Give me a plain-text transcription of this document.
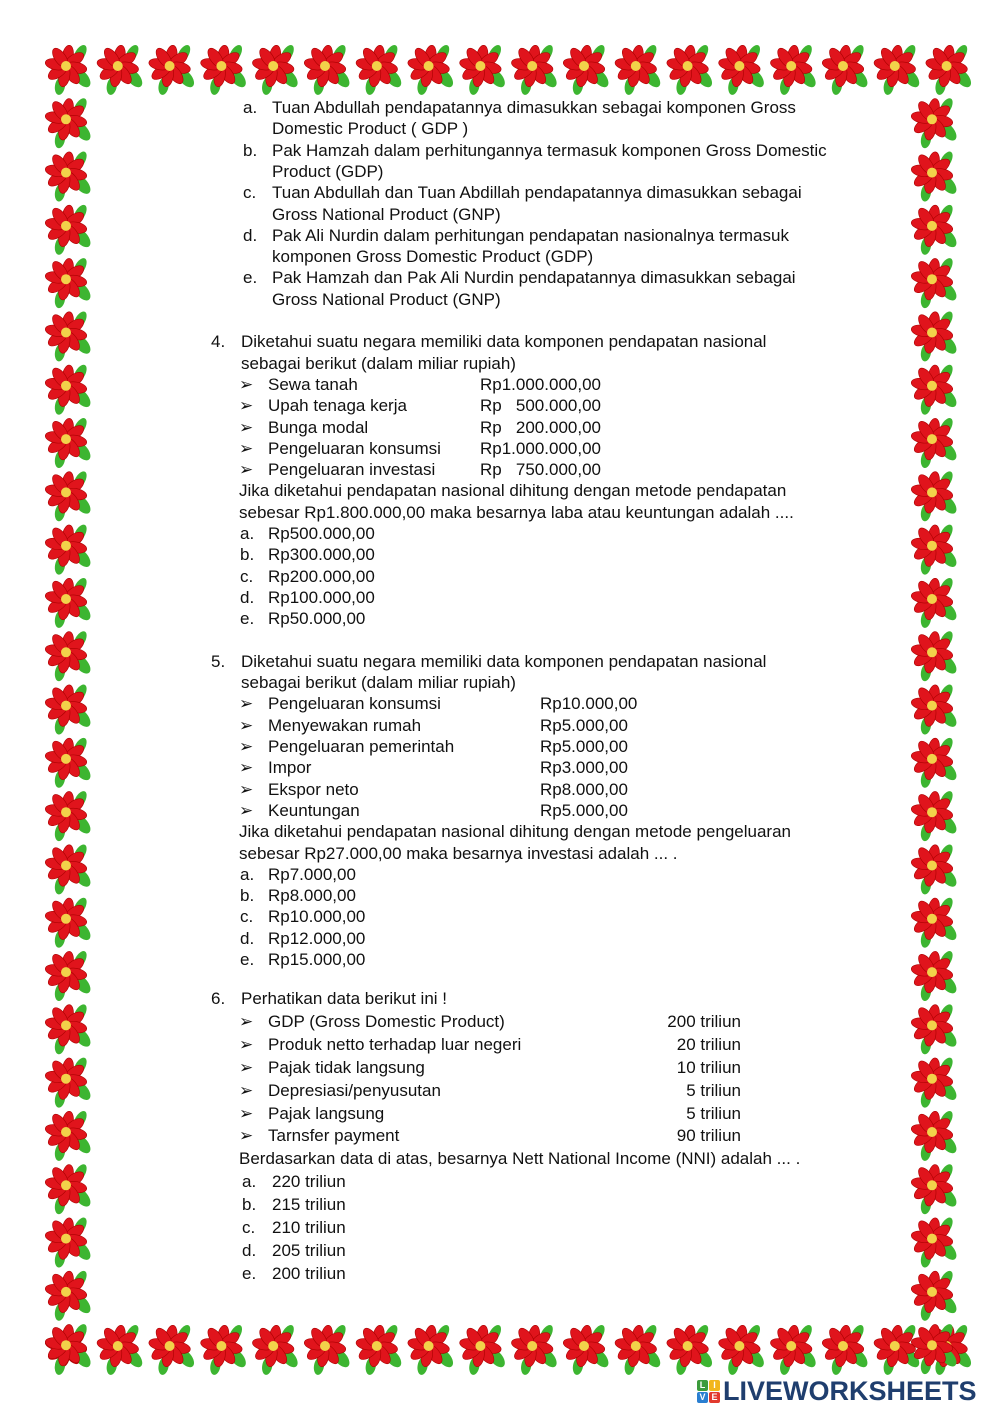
a. Tuan Abdullah pendapatannya dimasukkan sebagai komponen Gross
Domestic Product ( GDP )
b. Pak Hamzah dalam perhitungannya termasuk komponen Gross Domestic
Product (GDP)
c. Tuan Abdullah dan Tuan Abdillah pendapatannya dimasukkan sebagai
Gross National Product (GNP)
d. Pak Ali Nurdin dalam perhitungan pendapatan nasionalnya termasuk
komponen Gross Domestic Product (GDP)
e. Pak Hamzah dan Pak Ali Nurdin pendapatannya dimasukkan sebagai
Gross National Product (GNP)
4. Diketahui suatu negara memiliki data komponen pendapatan nasional
sebagai berikut (dalam miliar rupiah)
➢ Sewa tanah	Rp1.000.000,00
➢ Upah tenaga kerja	Rp   500.000,00
➢ Bunga modal	Rp   200.000,00
➢ Pengeluaran konsumsi Rp1.000.000,00
➢ Pengeluaran investasi	Rp   750.000,00
Jika diketahui pendapatan nasional dihitung dengan metode pendapatan
sebesar Rp1.800.000,00 maka besarnya laba atau keuntungan adalah ....
a. Rp500.000,00
b. Rp300.000,00
c. Rp200.000,00
d. Rp100.000,00
e. Rp50.000,00
5. Diketahui suatu negara memiliki data komponen pendapatan nasional
sebagai berikut (dalam miliar rupiah)
➢ Pengeluaran konsumsi	Rp10.000,00
➢ Menyewakan rumah	Rp5.000,00
➢ Pengeluaran pemerintah	Rp5.000,00
➢ Impor	Rp3.000,00
➢ Ekspor neto	Rp8.000,00
➢ Keuntungan	Rp5.000,00
Jika diketahui pendapatan nasional dihitung dengan metode pengeluaran
sebesar Rp27.000,00 maka besarnya investasi adalah ... .
a. Rp7.000,00
b. Rp8.000,00
c. Rp10.000,00
d. Rp12.000,00
e. Rp15.000,00
6. Perhatikan data berikut ini !
➢ GDP (Gross Domestic Product)	200 triliun
➢ Produk netto terhadap luar negeri	20 triliun
➢ Pajak tidak langsung	10 triliun
➢ Depresiasi/penyusutan	5 triliun
➢ Pajak langsung	5 triliun
➢ Tarnsfer payment	90 triliun
Berdasarkan data di atas, besarnya Nett National Income (NNI) adalah ... .
a. 220 triliun
b. 215 triliun
c. 210 triliun
d. 205 triliun
e. 200 triliun
L I
V E LIVEWORKSHEETS
